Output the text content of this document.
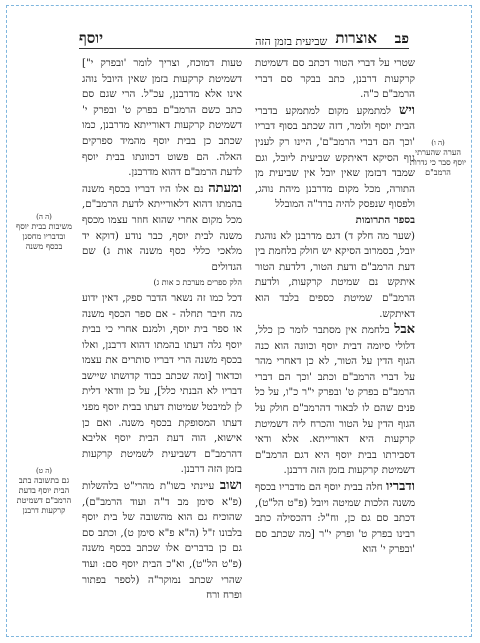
פב
אוצרות
שביעית בזמן הזה
יוסף

שטרי על דברי הטור דכתב סם דשמיטת קרקעות דרבנן, כתב בבקר סם דברי הרמב"ם כ"ה.

ויש למתמקע מקום למתמקע בדברי הבית יוסף ולומר, דזה שכתב בסוף דבריו 'וכך הם דברי הרמב"ם', היינו רק לענין גוף הסיקא דאיתקש שביעית ליובל, וגם שמבד דבזמן שאין יובל אין שביעית מן התורה, מכל מקום מדרבנן מיהת נוהג, ולפסוף שנפסק להיה ברד"ה המובלל

בספר התרומות

(שער מה חלק ד) דגם מדרבנן לא נוהגת יובל, בסמרוב הסיקא יש חולק בלחמת בין דעת הרמב"ם ודעת הטור, דלדעת הטור איתקש נם שמיטת קרקעות, ולדעת הרמב"ם שמיטת כספים בלבד הוא דאיתקש.

אבל בלחמת אין מסתבר לומר כן כלל, דלולי סיומה דבית יוסף וכוונה הוא כנה הגוף הדין על הטור, לא כן דאחרי מהר על דברי הרמב"ם וכתב 'וכך הם דברי הרמב"ם בפרק ט' ובפרק י"ר כ"ו, על כל פנים שהם לו לבאור דהרמב"ם חולק על הגוף הדין על הטור והכרח ליה דשמיטת קרקעות היא דאורייתא. אלא ודאי דסבירתו בבית יוסף היא דגם הרמב"ם דשמיטת קרקעות בזמן הזה דרבנן.

ודבריו חלה בבית יוסף הם מדבריו בכסף משנה הלכות שמיטה ויובל (פ"ט הל"ט), דכתב סם גם כן, וח"ל: דהכסילה כתב רבינו בפרק ט' ופרק י"ר [מה שכתב סם 'ובפרק י' הוא

טעות דמוכח, וצריך לומר 'ובפרק י"] דשמיטת קרקעות בזמן שאין היובל נוהג אינו אלא מדרבנן, עכ"ל. הרי שגם סם כתב כשם הרמב"ם בפרק ט' ובפרק י' דשמיטת קרקעות דאורייתא מדרבנן, כמו שכתב כן בבית יוסף מהמיד ספרקים האלה. הם פשוט דכוונתו בבית יוסף לדעת הרמב"ם דהוא מדרבנן.

ומעתה נם אלו היו דבריו בכסף משנה בהמתו דהוא דלאורייתא לדעת הרמב"ם, מכל מקום אחרי שהוא חוזר עצמו מכסף משנה לבית יוסף, כבר נודע (דוקא יד מלאכי כללי כסף משנה אות ג) שם הגדולים

הלק ספרים מערכת כ אות ג)

דכל כמו זה נשאר הדבר ספק, דאין ידוע מה חיבר תחלה - אם ספר הכסף משנה או ספר בית יוסף, ולמנם אחרי כי בבית יוסף גלה דעתו בהמתו דהוא דרבנן, ואלו בכסף משנה הרי דבריו סותרים את עצמו וכדאור [ומה שכתב כבוד קדושתו שיישב דבריו לא הבנתי כלל], על כן וודאי דלית לן למיבטל שמיטות דעתו בבית יוסף מפני דעתו המסופקת בכסף משנה. ואם כן אישוא, הוה דעת הבית יוסף אליבא דהרמב"ם דשביעית לשמיטת קרקעות בזמן הזה דרבנן.

ושוב עיינתי בשו"ת מהרי"ט בלהשלות (פ"א סימן מב ד"ה ועוד הרמב"ם), שהוכיח גם הוא מהשובה של בית יוסף בלבונו ז"ל (ה"א פ"א סימן ט), וכתב סם גם כן בדברים אלו שכתב בכסף משנה (פ"ט הל"ט), וא"כ הבית יוסף סם: ועוד שהרי שכתב נמוקר"ה (לספר בפתור ופרח ורח

(ה ו)
הערה שהערתי יוסף סבר כי גדרות הרמב"ם
(ה ה)
משיבות בבית יוסף ובדבריו מחסנן בכסף משנה
(ה ט)
גם בתשובה בתב הבית יוסף בדעת הרמב"ם דשמיטת קרקעות דרבנן
